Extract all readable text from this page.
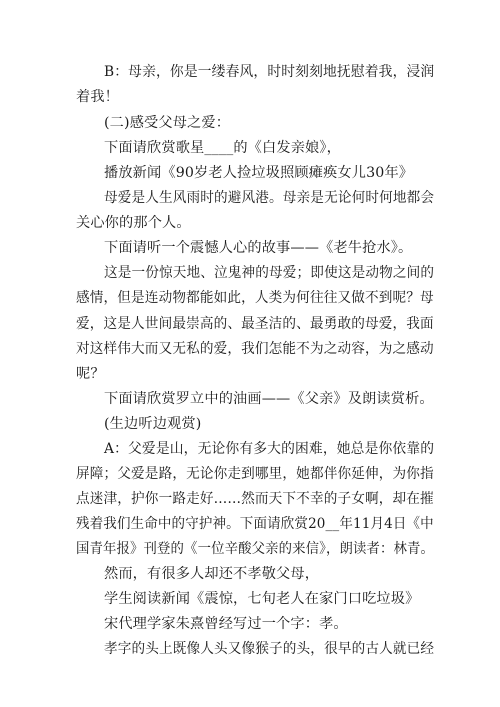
B：母亲，你是一缕春风，时时刻刻地抚慰着我，浸润
着我！
(二)感受父母之爱：
下面请欣赏歌星____的《白发亲娘》，
播放新闻《90岁老人捡垃圾照顾瘫痪女儿30年》
母爱是人生风雨时的避风港。母亲是无论何时何地都会
关心你的那个人。
下面请听一个震憾人心的故事——《老牛抢水》。
这是一份惊天地、泣鬼神的母爱；即使这是动物之间的
感情，但是连动物都能如此，人类为何往往又做不到呢？母
爱，这是人世间最崇高的、最圣洁的、最勇敢的母爱，我面
对这样伟大而又无私的爱，我们怎能不为之动容，为之感动
呢？
下面请欣赏罗立中的油画——《父亲》及朗读赏析。
(生边听边观赏)
A：父爱是山，无论你有多大的困难，她总是你依靠的
屏障；父爱是路，无论你走到哪里，她都伴你延伸，为你指
点迷津，护你一路走好……然而天下不幸的子女啊，却在摧
残着我们生命中的守护神。下面请欣赏20__年11月4日《中
国青年报》刊登的《一位辛酸父亲的来信》，朗读者：林青。
然而，有很多人却还不孝敬父母，
学生阅读新闻《震惊，七旬老人在家门口吃垃圾》
宋代理学家朱熹曾经写过一个字：孝。
孝字的头上既像人头又像猴子的头，很早的古人就已经
